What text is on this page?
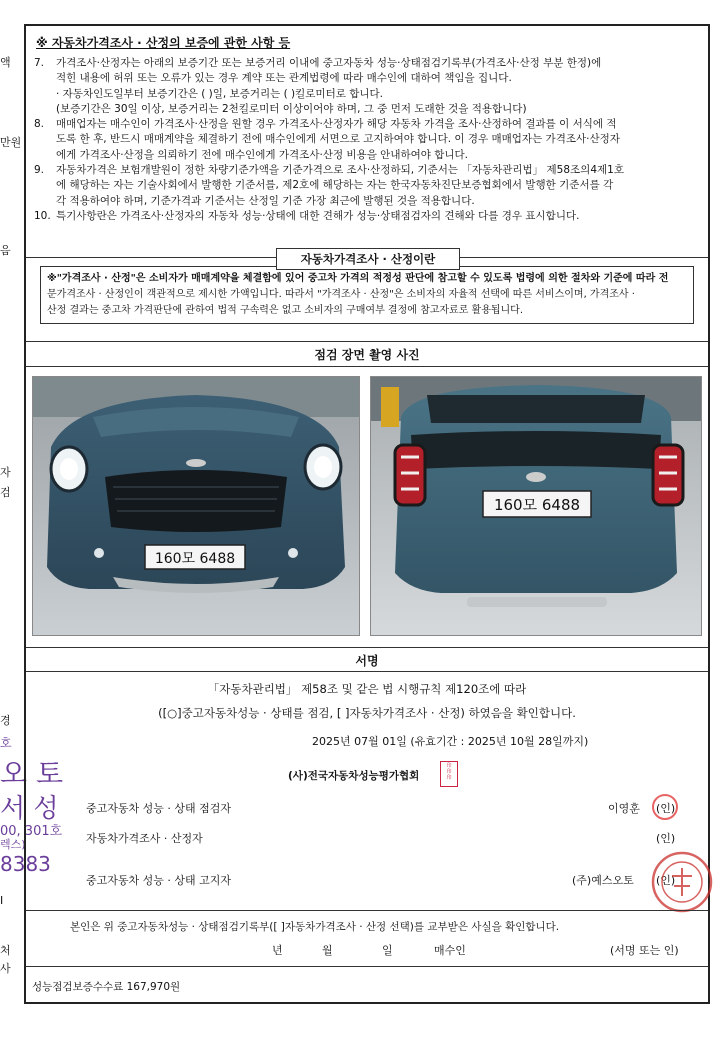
액
만원
음
자
검
경
호
오 토
서 성
00, 301호
렉스)
8383
I
처
사
※ 자동차가격조사 · 산정의 보증에 관한 사항 등
7.	가격조사·산정자는 아래의 보증기간 또는 보증거리 이내에 중고자동차 성능·상태점검기록부(가격조사·산정 부분 한정)에
적힌 내용에 허위 또는 오류가 있는 경우 계약 또는 관계법령에 따라 매수인에 대하여 책임을 집니다.
· 자동차인도일부터 보증기간은 ( )일, 보증거리는 ( )킬로미터로 합니다.
(보증기간은 30일 이상, 보증거리는 2천킬로미터 이상이어야 하며, 그 중 먼저 도래한 것을 적용합니다)
8.	매매업자는 매수인이 가격조사·산정을 원할 경우 가격조사·산정자가 해당 자동차 가격을 조사·산정하여 결과를 이 서식에 적
도록 한 후, 반드시 매매계약을 체결하기 전에 매수인에게 서면으로 고지하여야 합니다. 이 경우 매매업자는 가격조사·산정자
에게 가격조사·산정을 의뢰하기 전에 매수인에게 가격조사·산정 비용을 안내하여야 합니다.
9.	자동차가격은 보험개발원이 정한 차량기준가액을 기준가격으로 조사·산정하되, 기준서는 「자동차관리법」 제58조의4제1호
에 해당하는 자는 기술사회에서 발행한 기준서를, 제2호에 해당하는 자는 한국자동차진단보증협회에서 발행한 기준서를 각
각 적용하여야 하며, 기준가격과 기준서는 산정일 기준 가장 최근에 발행된 것을 적용합니다.
10. 특기사항란은 가격조사·산정자의 자동차 성능·상태에 대한 견해가 성능·상태점검자의 견해와 다를 경우 표시합니다.
※"가격조사 · 산정"은 소비자가 매매계약을 체결함에 있어 중고차 가격의 적정성 판단에 참고할 수 있도록 법령에 의한 절차와 기준에 따라 전
문가격조사 · 산정인이 객관적으로 제시한 가액입니다. 따라서 "가격조사 · 산정"은 소비자의 자율적 선택에 따른 서비스이며, 가격조사 ·
산정 결과는 중고차 가격판단에 관하여 법적 구속력은 없고 소비자의 구매여부 결정에 참고자료로 활용됩니다.
자동차가격조사 · 산정이란
점검 장면 촬영 사진
160모 6488
160모 6488
서명
「자동차관리법」 제58조 및 같은 법 시행규칙 제120조에 따라
([○]중고자동차성능 · 상태를 점검, [ ]자동차가격조사 · 산정) 하였음을 확인합니다.
2025년 07월 01일 (유효기간 : 2025년 10월 28일까지)
(사)전국자동차성능평가협회
印
印
印
중고자동차 성능 · 상태 점검자	이영훈 (인)
자동차가격조사 · 산정자	(인)
중고자동차 성능 · 상태 고지자	(주)예스오토 (인)
본인은 위 중고자동차성능 · 상태점검기록부([ ]자동차가격조사 · 산정 선택)를 교부받은 사실을 확인합니다.
년	월	일	매수인	(서명 또는 인)
성능점검보증수수료 167,970원
